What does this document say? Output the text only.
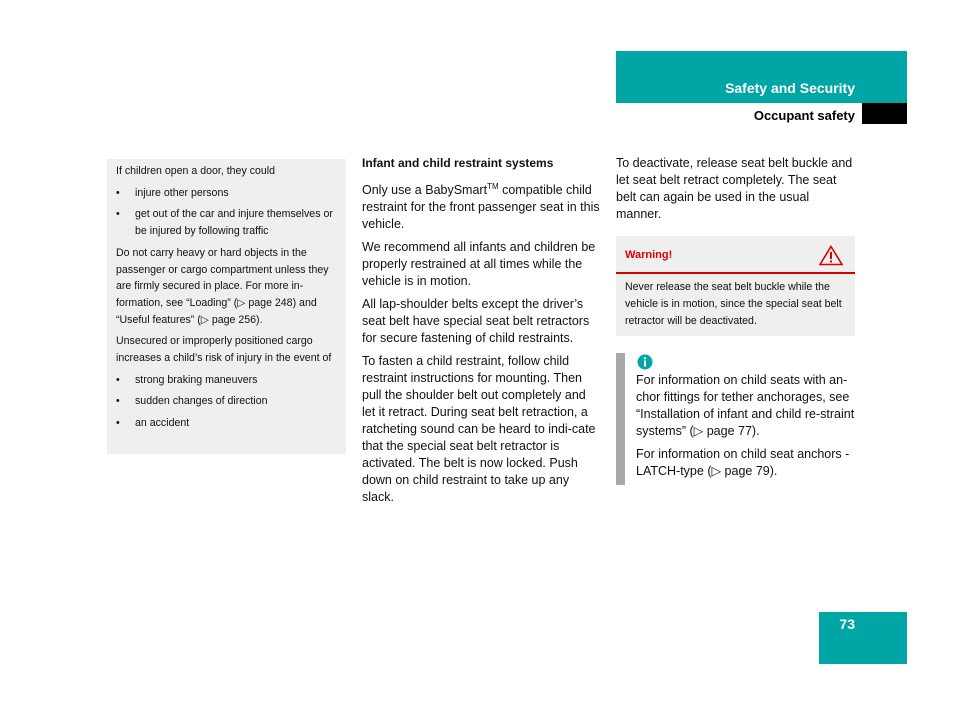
Safety and Security
Occupant safety

If children open a door, they could

• injure other persons
• get out of the car and injure themselves or be injured by following traffic

Do not carry heavy or hard objects in the passenger or cargo compartment unless they are firmly secured in place. For more in-formation, see “Loading” (▷ page 248) and “Useful features” (▷ page 256).

Unsecured or improperly positioned cargo increases a child’s risk of injury in the event of

• strong braking maneuvers
• sudden changes of direction
• an accident

Infant and child restraint systems

Only use a BabySmart™ compatible child restraint for the front passenger seat in this vehicle.

We recommend all infants and children be properly restrained at all times while the vehicle is in motion.

All lap-shoulder belts except the driver’s seat belt have special seat belt retractors for secure fastening of child restraints.

To fasten a child restraint, follow child restraint instructions for mounting. Then pull the shoulder belt out completely and let it retract. During seat belt retraction, a ratcheting sound can be heard to indi-cate that the special seat belt retractor is activated. The belt is now locked. Push down on child restraint to take up any slack.

To deactivate, release seat belt buckle and let seat belt retract completely. The seat belt can again be used in the usual manner.

Warning!
Never release the seat belt buckle while the vehicle is in motion, since the special seat belt retractor will be deactivated.

For information on child seats with an-chor fittings for tether anchorages, see “Installation of infant and child re-straint systems” (▷ page 77).

For information on child seat anchors - LATCH-type (▷ page 79).

73
